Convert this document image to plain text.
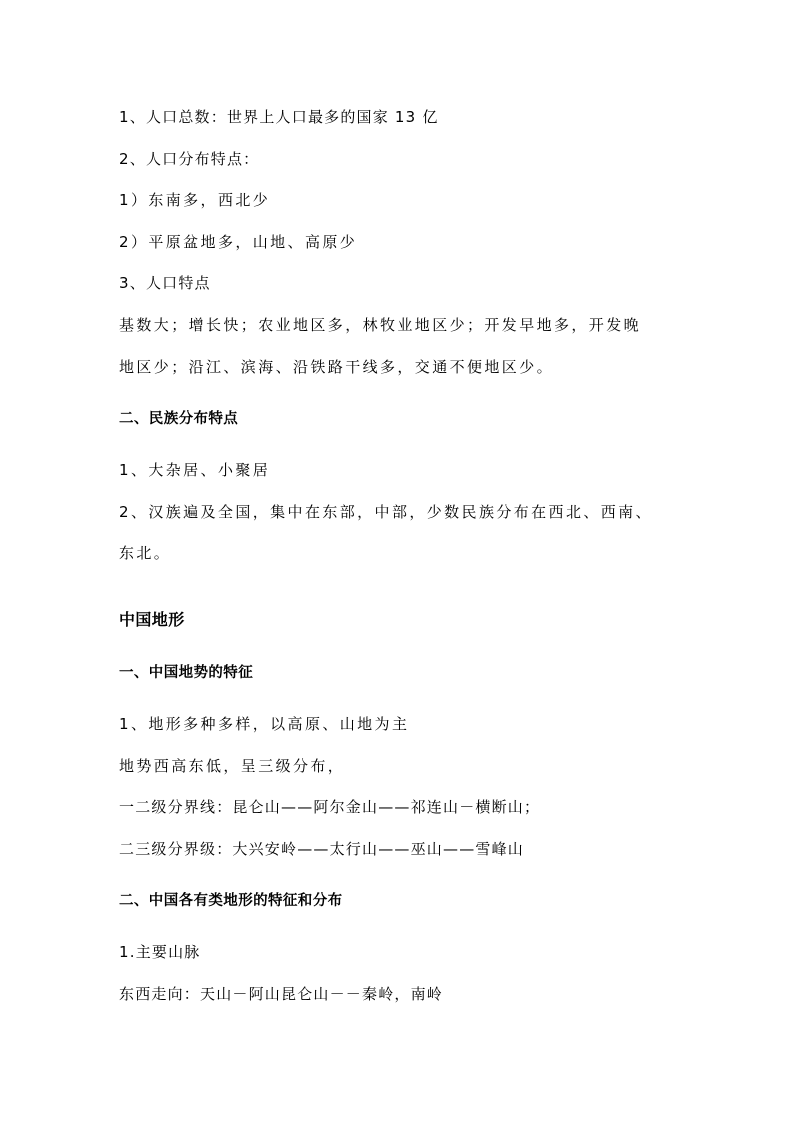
1、人口总数：世界上人口最多的国家 13 亿
2、人口分布特点：
1）东南多，西北少
2）平原盆地多，山地、高原少
3、人口特点
基数大；增长快；农业地区多，林牧业地区少；开发早地多，开发晚
地区少；沿江、滨海、沿铁路干线多，交通不便地区少。
二、民族分布特点
1、大杂居、小聚居
2、汉族遍及全国，集中在东部，中部，少数民族分布在西北、西南、
东北。
中国地形
一、中国地势的特征
1、地形多种多样，以高原、山地为主
地势西高东低，呈三级分布，
一二级分界线：昆仑山——阿尔金山——祁连山－横断山；
二三级分界级：大兴安岭——太行山——巫山——雪峰山
二、中国各有类地形的特征和分布
1.主要山脉
东西走向：天山－阿山昆仑山－－秦岭，南岭
